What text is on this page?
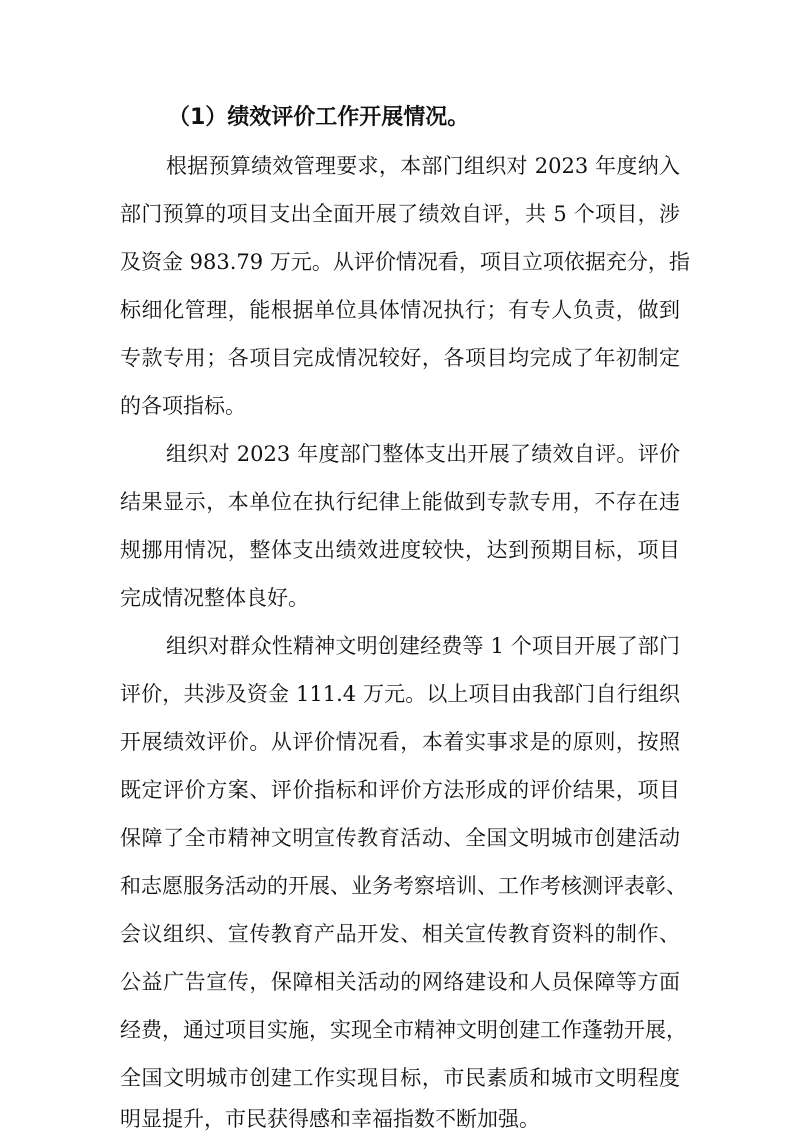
（1）绩效评价工作开展情况。
根据预算绩效管理要求，本部门组织对 2023 年度纳入
部门预算的项目支出全面开展了绩效自评，共 5 个项目，涉
及资金 983.79 万元。从评价情况看，项目立项依据充分，指
标细化管理，能根据单位具体情况执行；有专人负责，做到
专款专用；各项目完成情况较好，各项目均完成了年初制定
的各项指标。
组织对 2023 年度部门整体支出开展了绩效自评。评价
结果显示，本单位在执行纪律上能做到专款专用，不存在违
规挪用情况，整体支出绩效进度较快，达到预期目标，项目
完成情况整体良好。
组织对群众性精神文明创建经费等 1 个项目开展了部门
评价，共涉及资金 111.4 万元。以上项目由我部门自行组织
开展绩效评价。从评价情况看，本着实事求是的原则，按照
既定评价方案、评价指标和评价方法形成的评价结果，项目
保障了全市精神文明宣传教育活动、全国文明城市创建活动
和志愿服务活动的开展、业务考察培训、工作考核测评表彰、
会议组织、宣传教育产品开发、相关宣传教育资料的制作、
公益广告宣传，保障相关活动的网络建设和人员保障等方面
经费，通过项目实施，实现全市精神文明创建工作蓬勃开展，
全国文明城市创建工作实现目标，市民素质和城市文明程度
明显提升，市民获得感和幸福指数不断加强。
